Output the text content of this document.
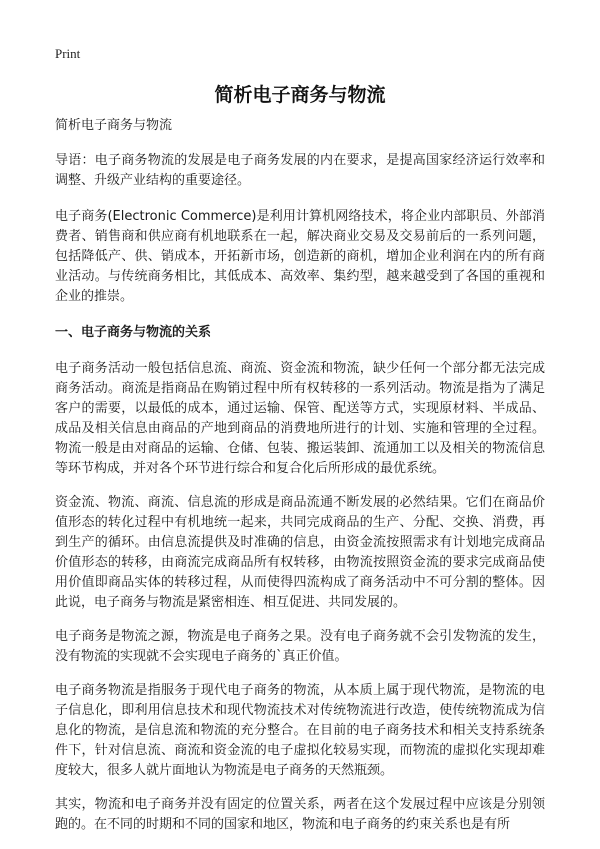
Print
简析电子商务与物流

简析电子商务与物流

导语：电子商务物流的发展是电子商务发展的内在要求，是提高国家经济运行效率和调整、升级产业结构的重要途径。

电子商务(Electronic Commerce)是利用计算机网络技术，将企业内部职员、外部消费者、销售商和供应商有机地联系在一起，解决商业交易及交易前后的一系列问题，包括降低产、供、销成本，开拓新市场，创造新的商机，增加企业利润在内的所有商业活动。与传统商务相比，其低成本、高效率、集约型，越来越受到了各国的重视和企业的推崇。

一、电子商务与物流的关系

电子商务活动一般包括信息流、商流、资金流和物流，缺少任何一个部分都无法完成商务活动。商流是指商品在购销过程中所有权转移的一系列活动。物流是指为了满足客户的需要，以最低的成本，通过运输、保管、配送等方式，实现原材料、半成品、成品及相关信息由商品的产地到商品的消费地所进行的计划、实施和管理的全过程。物流一般是由对商品的运输、仓储、包装、搬运装卸、流通加工以及相关的物流信息等环节构成，并对各个环节进行综合和复合化后所形成的最优系统。

资金流、物流、商流、信息流的形成是商品流通不断发展的必然结果。它们在商品价值形态的转化过程中有机地统一起来，共同完成商品的生产、分配、交换、消费，再到生产的循环。由信息流提供及时准确的信息，由资金流按照需求有计划地完成商品价值形态的转移，由商流完成商品所有权转移，由物流按照资金流的要求完成商品使用价值即商品实体的转移过程，从而使得四流构成了商务活动中不可分割的整体。因此说，电子商务与物流是紧密相连、相互促进、共同发展的。

电子商务是物流之源，物流是电子商务之果。没有电子商务就不会引发物流的发生，没有物流的实现就不会实现电子商务的`真正价值。

电子商务物流是指服务于现代电子商务的物流，从本质上属于现代物流，是物流的电子信息化，即利用信息技术和现代物流技术对传统物流进行改造，使传统物流成为信息化的物流，是信息流和物流的充分整合。在目前的电子商务技术和相关支持系统条件下，针对信息流、商流和资金流的电子虚拟化较易实现，而物流的虚拟化实现却难度较大，很多人就片面地认为物流是电子商务的天然瓶颈。

其实，物流和电子商务并没有固定的位置关系，两者在这个发展过程中应该是分别领跑的。在不同的时期和不同的国家和地区，物流和电子商务的约束关系也是有所
